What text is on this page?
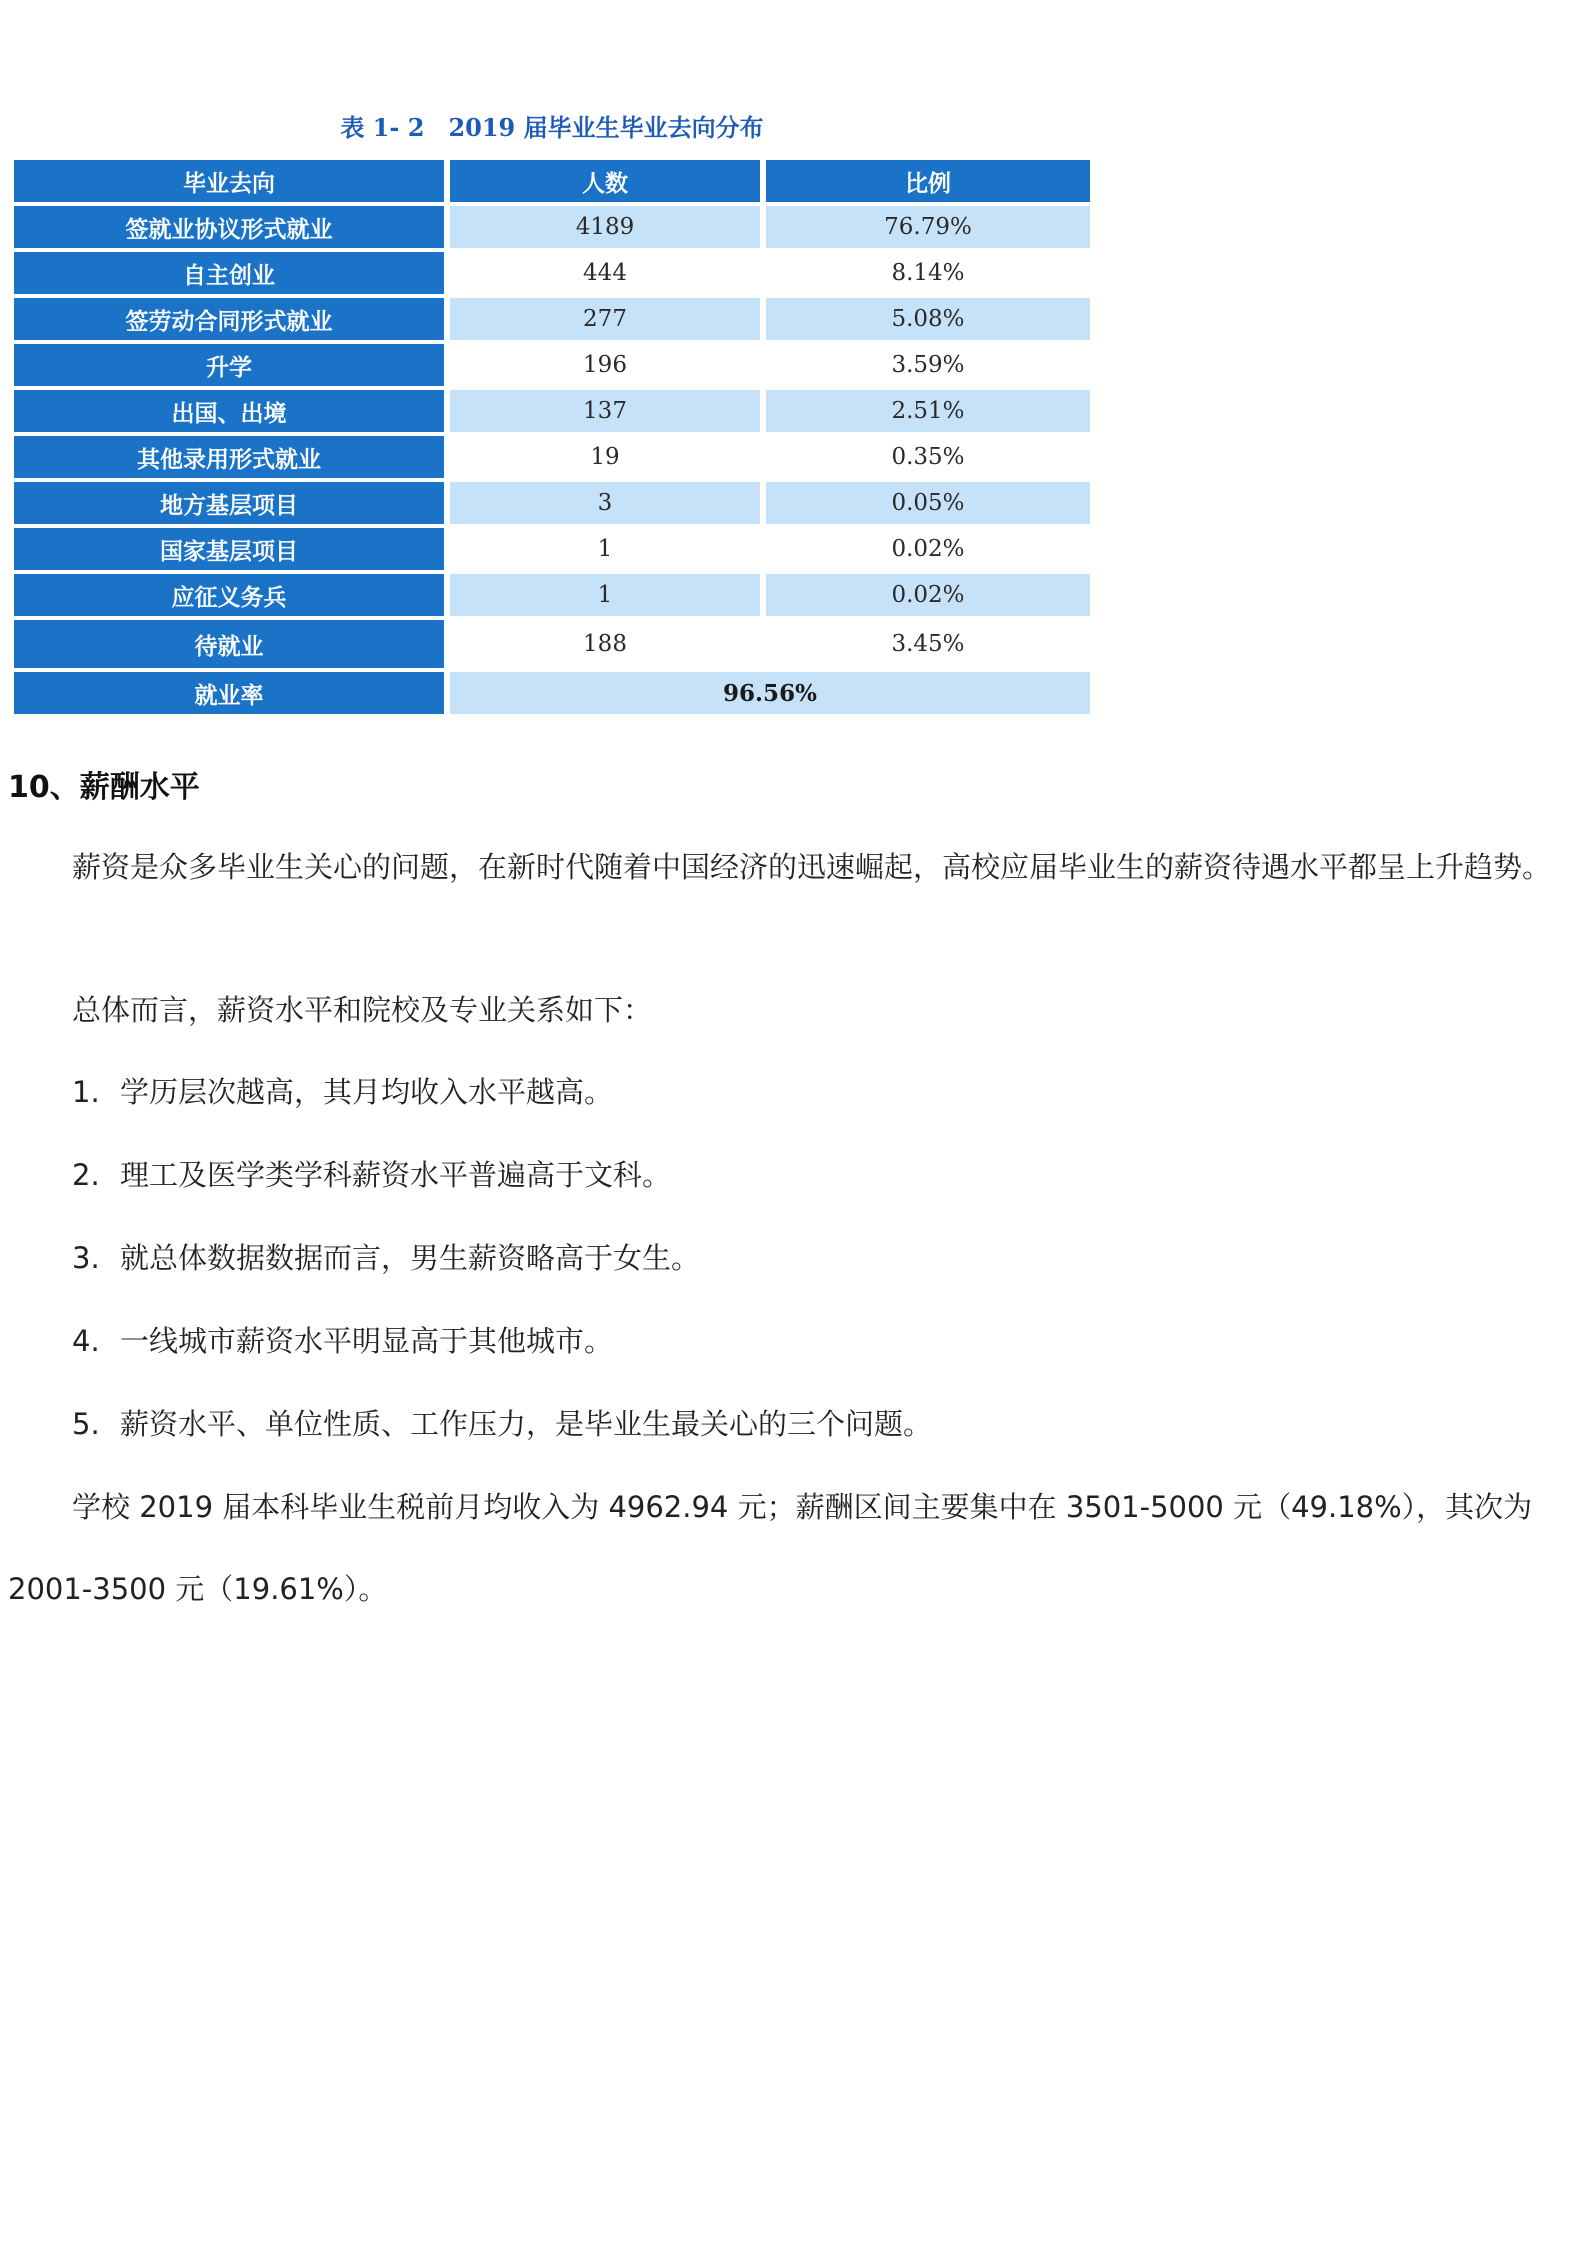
表 1- 2　2019 届毕业生毕业去向分布
毕业去向	人数	比例
签就业协议形式就业	4189	76.79%
自主创业	444	8.14%
签劳动合同形式就业	277	5.08%
升学	196	3.59%
出国、出境	137	2.51%
其他录用形式就业	19	0.35%
地方基层项目	3	0.05%
国家基层项目	1	0.02%
应征义务兵	1	0.02%
待就业	188	3.45%
就业率	96.56%
10、薪酬水平
薪资是众多毕业生关心的问题，在新时代随着中国经济的迅速崛起，高校应届毕业生的薪资待遇水平都呈上升趋势。
总体而言，薪资水平和院校及专业关系如下：
1. 学历层次越高，其月均收入水平越高。
2. 理工及医学类学科薪资水平普遍高于文科。
3. 就总体数据数据而言，男生薪资略高于女生。
4. 一线城市薪资水平明显高于其他城市。
5. 薪资水平、单位性质、工作压力，是毕业生最关心的三个问题。
学校 2019 届本科毕业生税前月均收入为 4962.94 元；薪酬区间主要集中在 3501-5000 元（49.18%），其次为 2001-3500 元（19.61%）。
